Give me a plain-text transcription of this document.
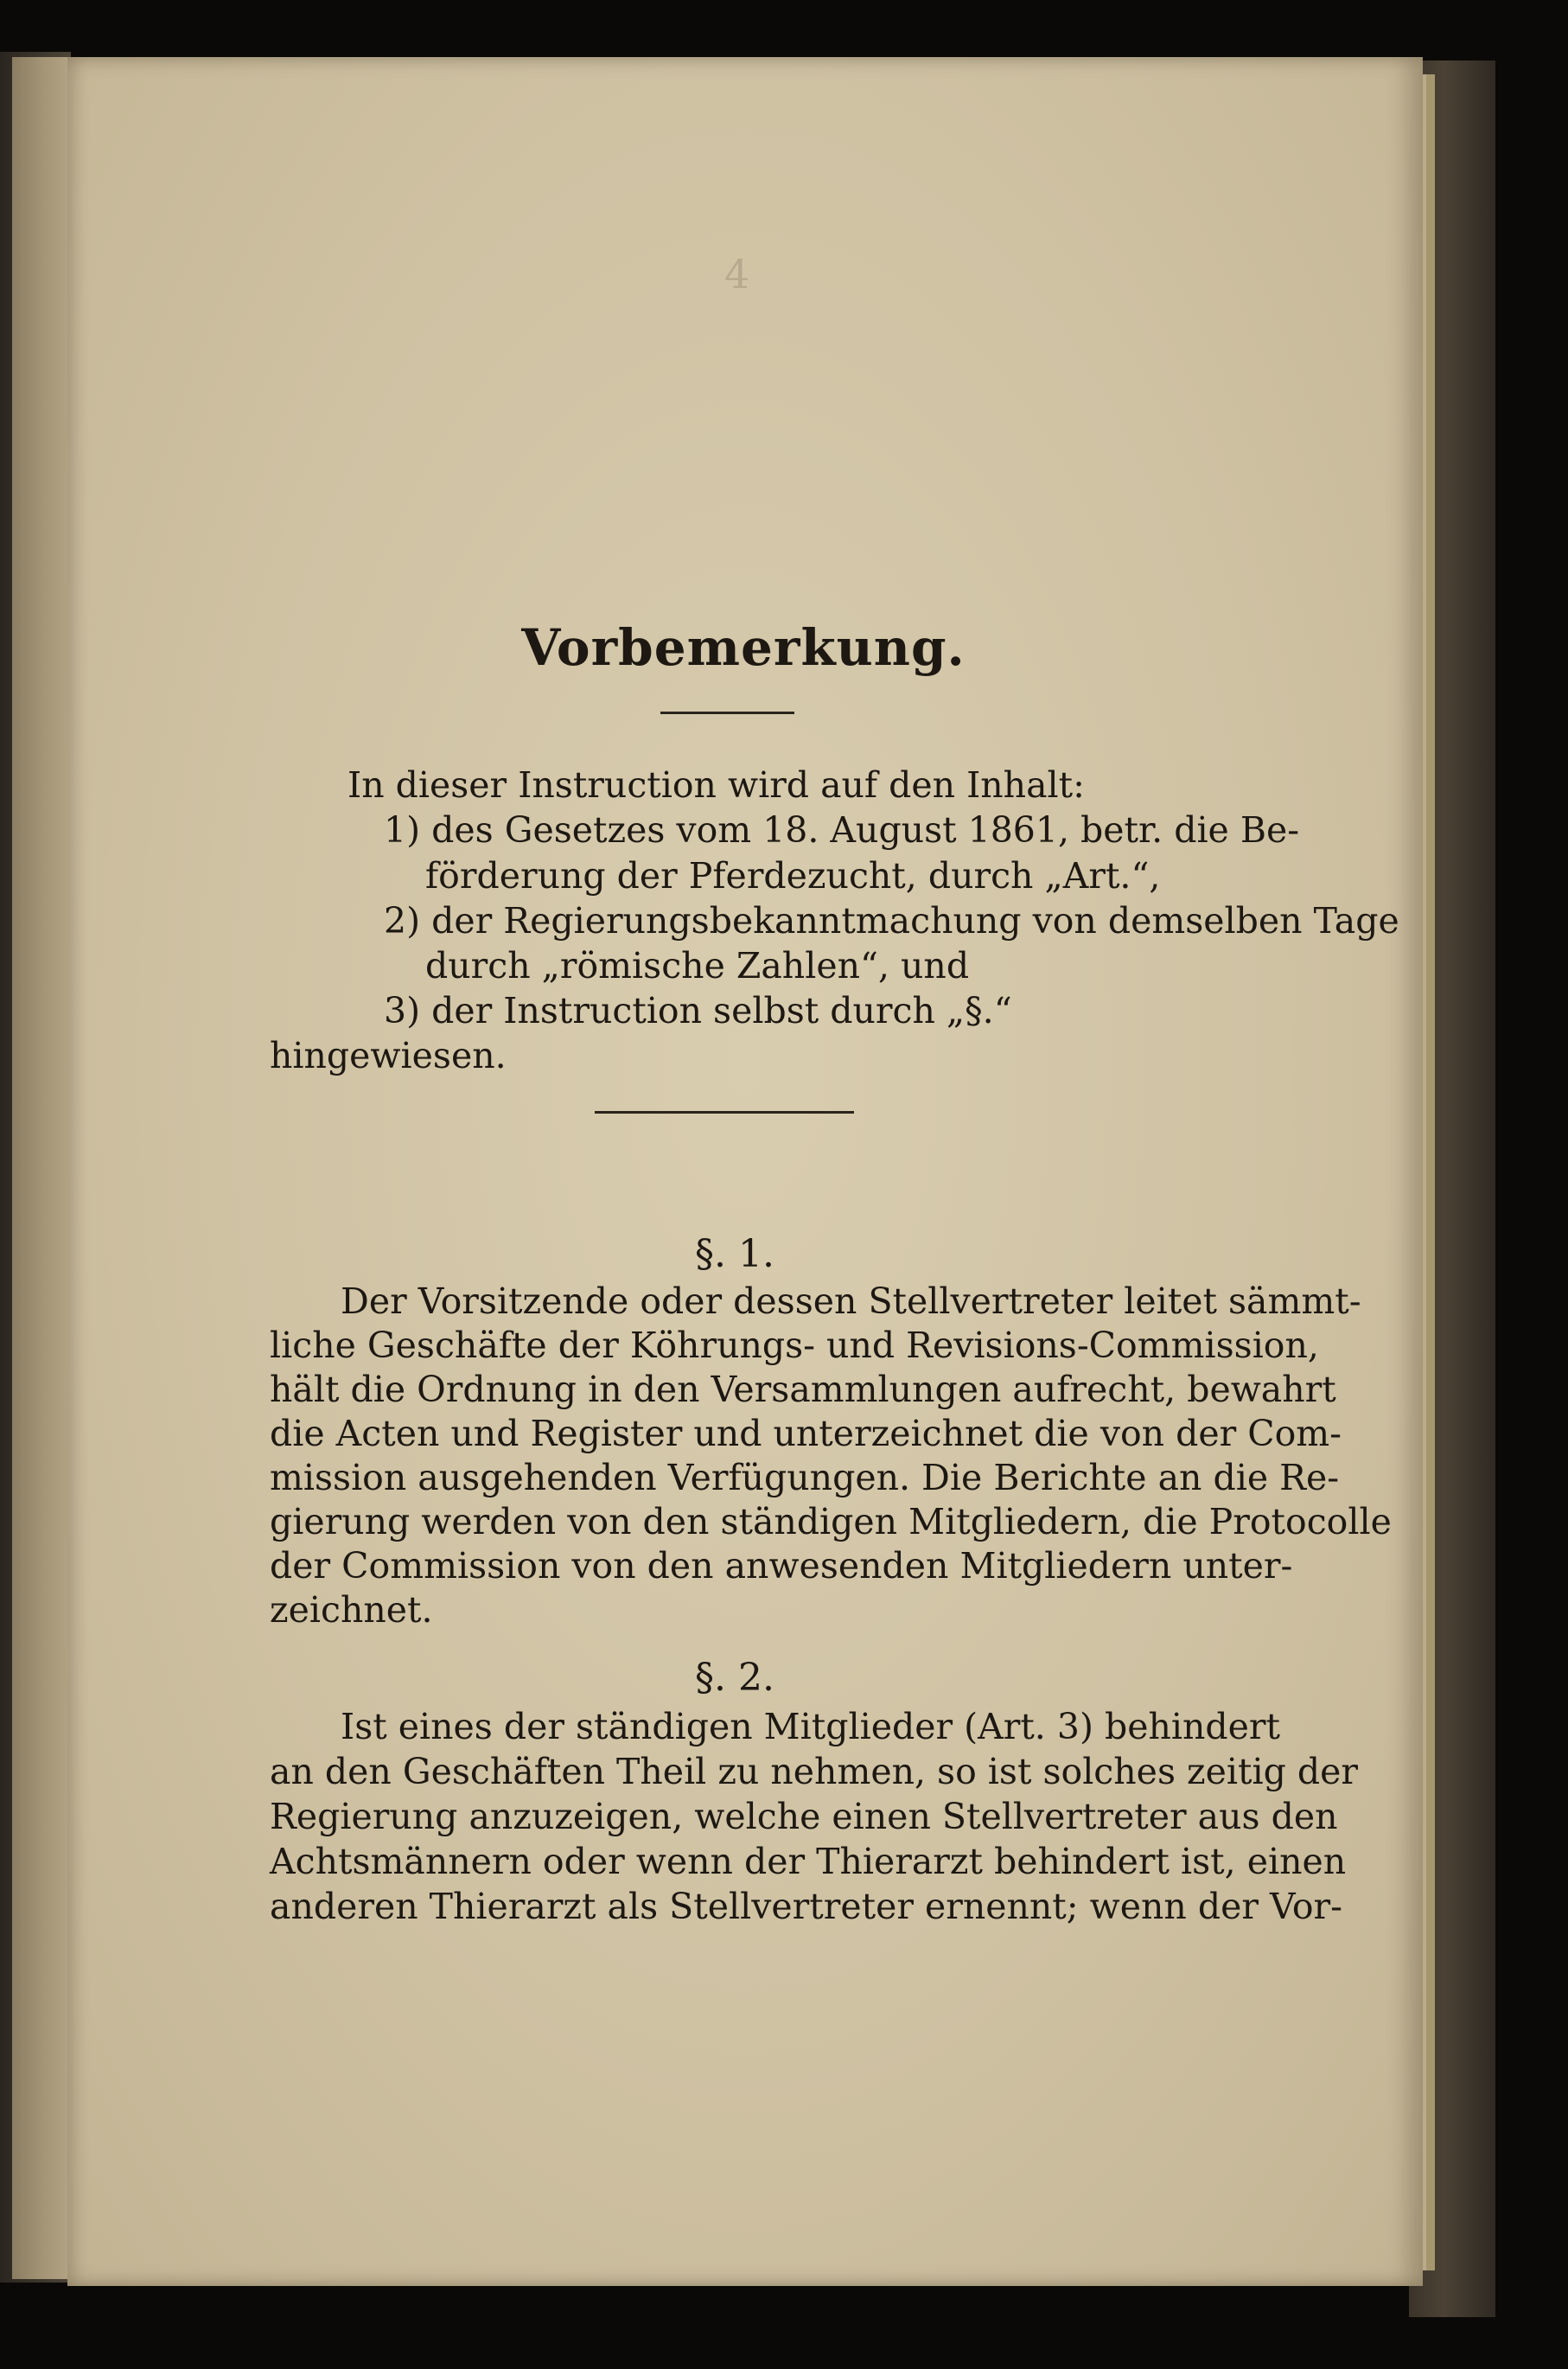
4
Vorbemerkung.
In dieser Instruction wird auf den Inhalt:
1) des Gesetzes vom 18. August 1861, betr. die Be-
förderung der Pferdezucht, durch „Art.“,
2) der Regierungsbekanntmachung von demselben Tage
durch „römische Zahlen“, und
3) der Instruction selbst durch „§.“
hingewiesen.
§. 1.
Der Vorsitzende oder dessen Stellvertreter leitet sämmt-
liche Geschäfte der Köhrungs- und Revisions-Commission,
hält die Ordnung in den Versammlungen aufrecht, bewahrt
die Acten und Register und unterzeichnet die von der Com-
mission ausgehenden Verfügungen. Die Berichte an die Re-
gierung werden von den ständigen Mitgliedern, die Protocolle
der Commission von den anwesenden Mitgliedern unter-
zeichnet.
§. 2.
Ist eines der ständigen Mitglieder (Art. 3) behindert
an den Geschäften Theil zu nehmen, so ist solches zeitig der
Regierung anzuzeigen, welche einen Stellvertreter aus den
Achtsmännern oder wenn der Thierarzt behindert ist, einen
anderen Thierarzt als Stellvertreter ernennt; wenn der Vor-
